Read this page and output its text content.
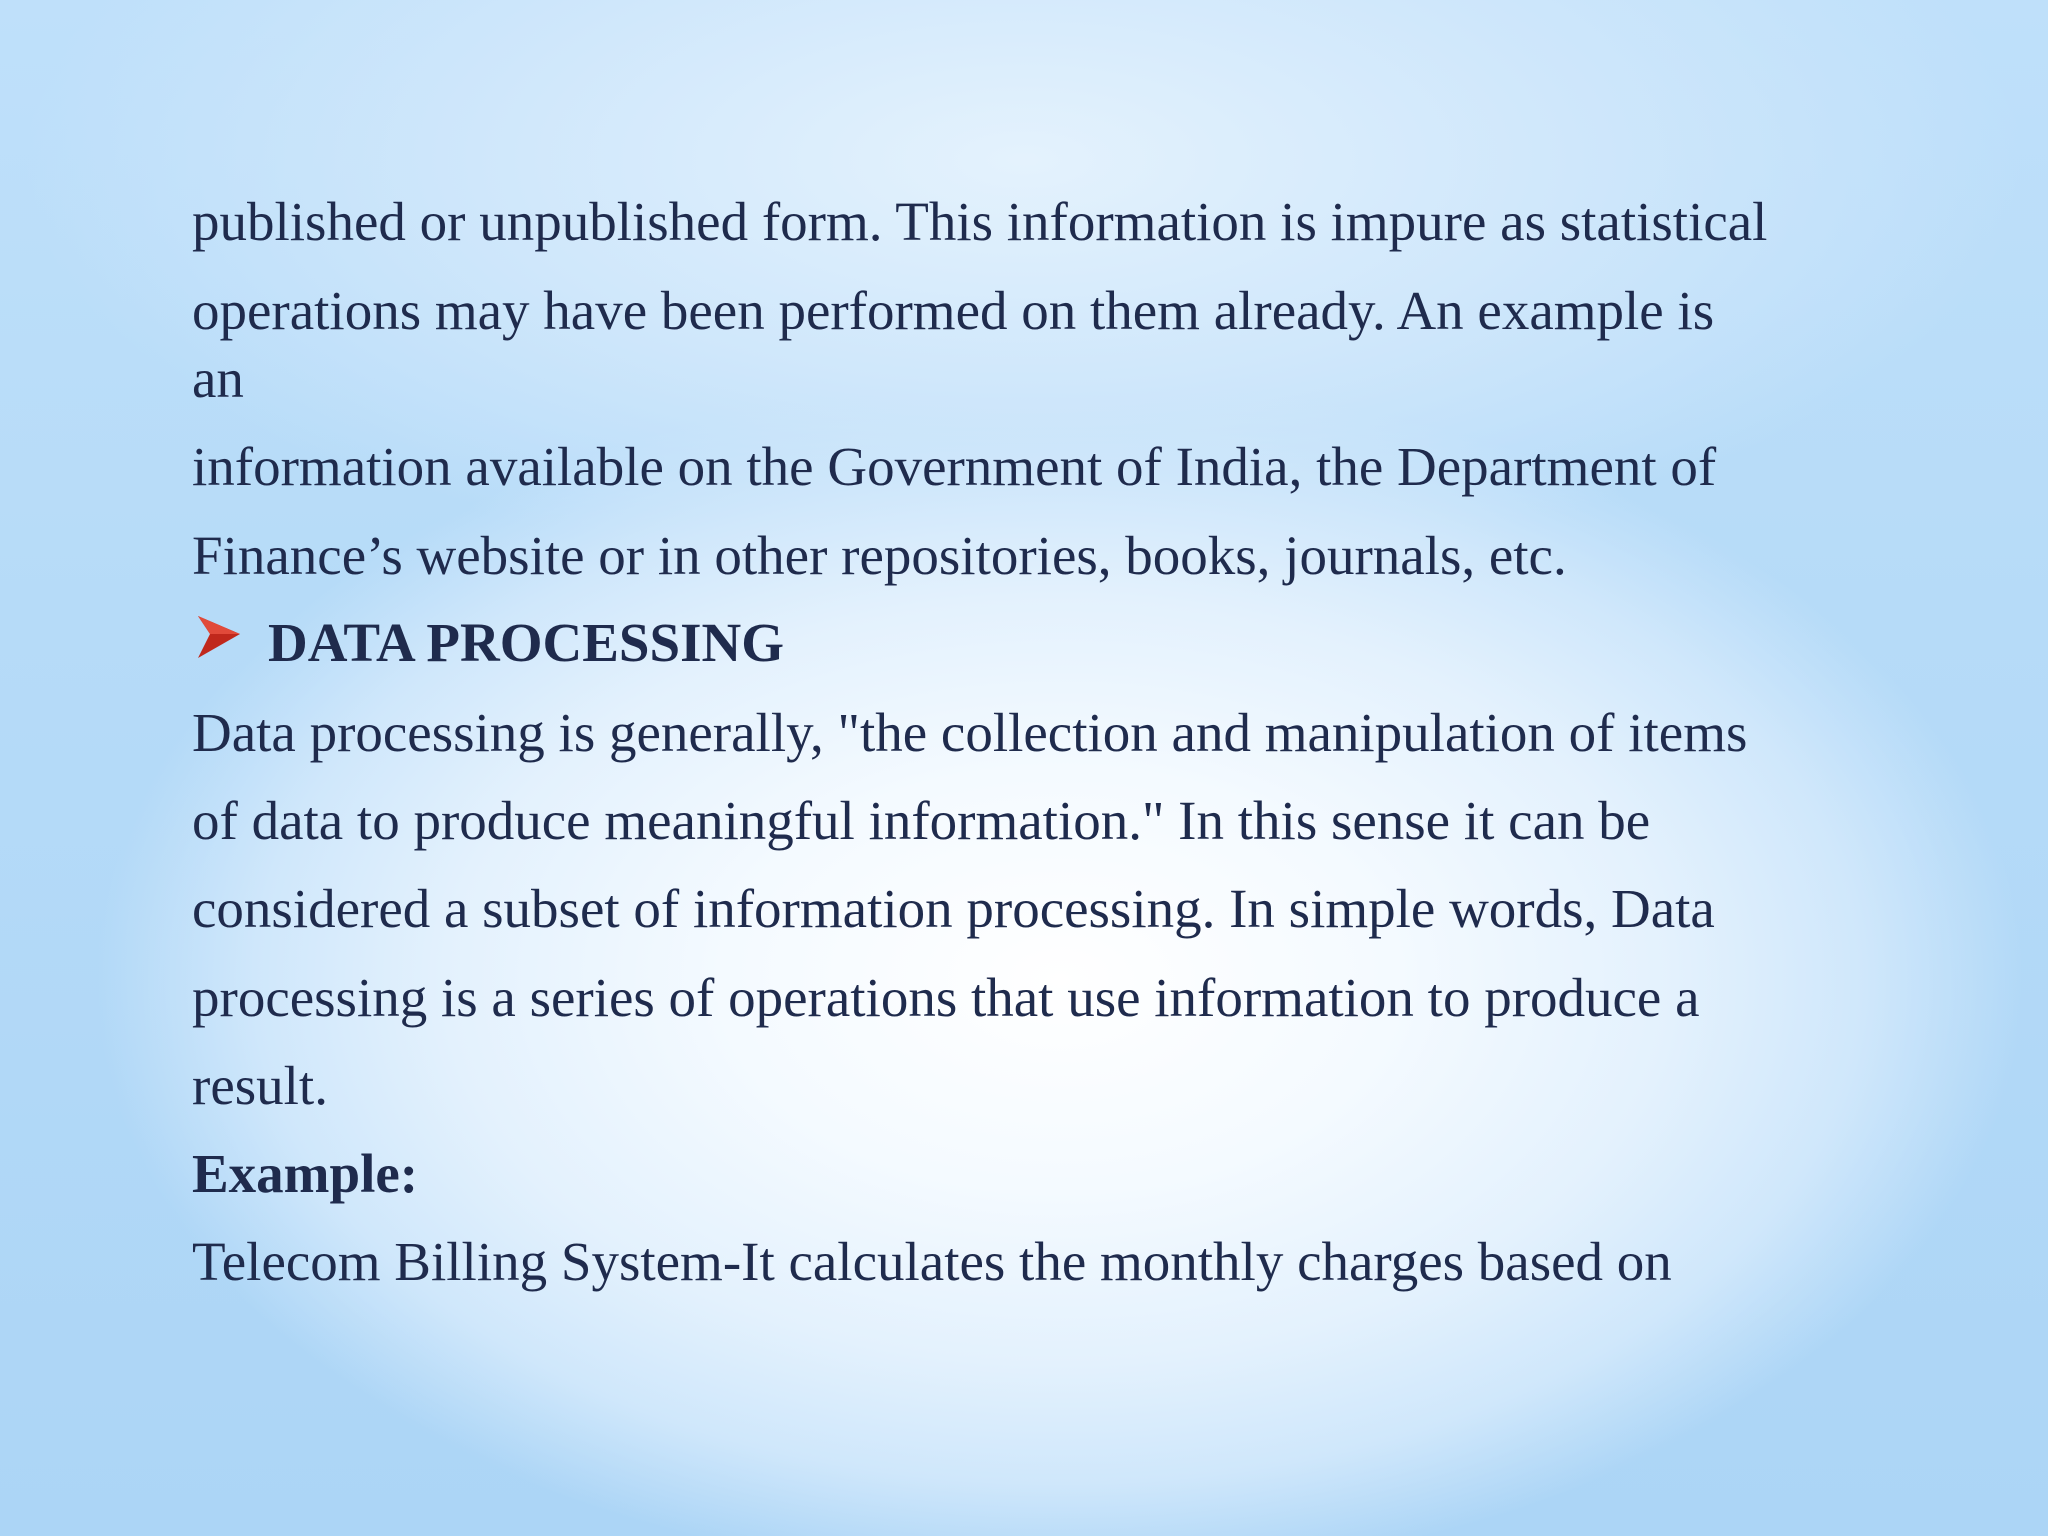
published or unpublished form. This information is impure as statistical
operations may have been performed on them already. An example is
an
information available on the Government of India, the Department of
Finance’s website or in other repositories, books, journals, etc.
DATA PROCESSING
Data processing is generally, "the collection and manipulation of items
of data to produce meaningful information." In this sense it can be
considered a subset of information processing. In simple words, Data
processing is a series of operations that use information to produce a
result.
Example:
Telecom Billing System-It calculates the monthly charges based on
